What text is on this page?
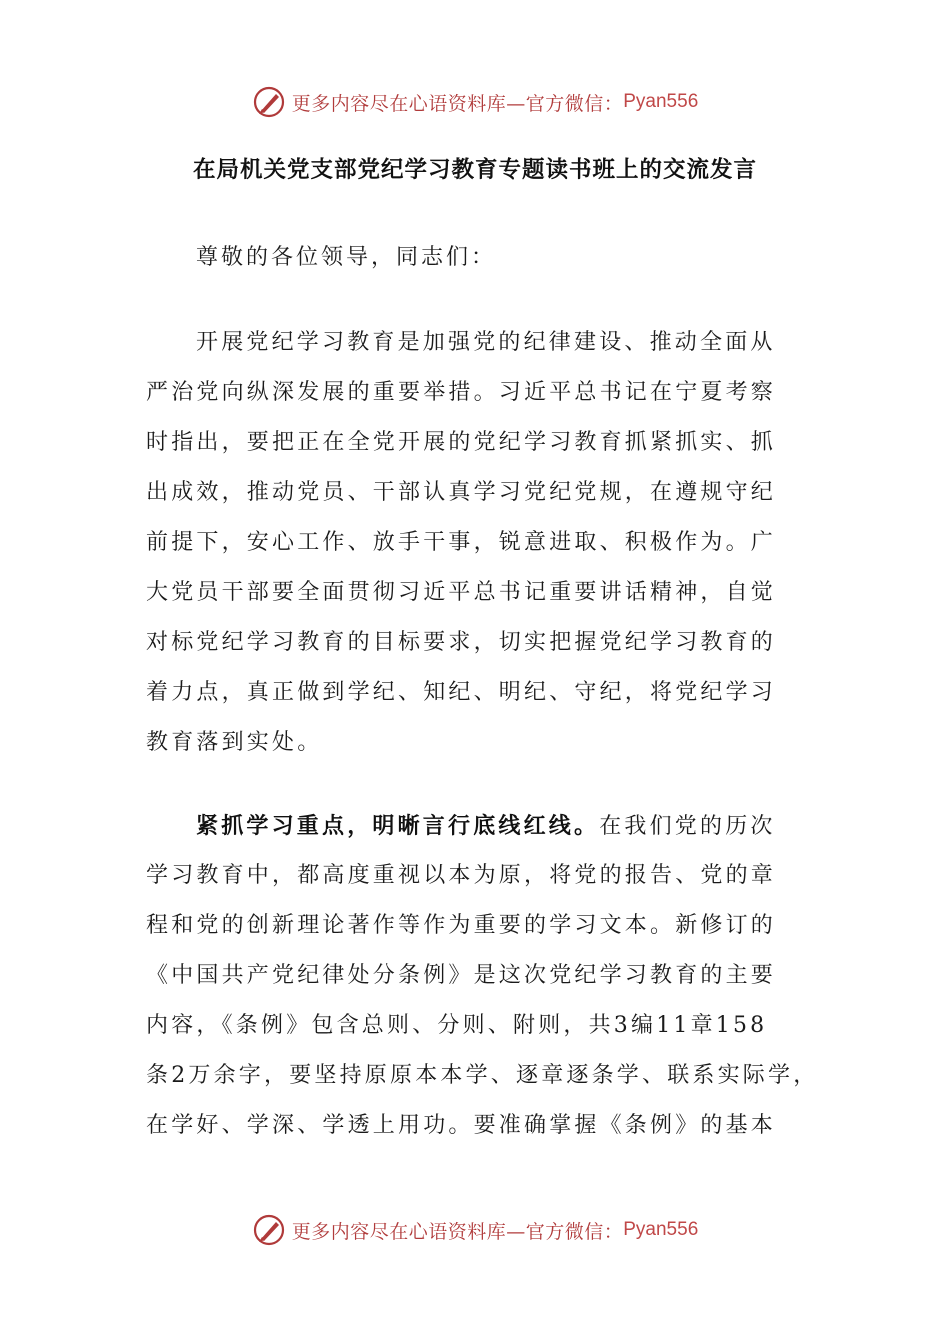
更多内容尽在心语资料库—官方微信： Pyan556
在局机关党支部党纪学习教育专题读书班上的交流发言
尊敬的各位领导，同志们：
开展党纪学习教育是加强党的纪律建设、推动全面从
严治党向纵深发展的重要举措。习近平总书记在宁夏考察
时指出，要把正在全党开展的党纪学习教育抓紧抓实、抓
出成效，推动党员、干部认真学习党纪党规，在遵规守纪
前提下，安心工作、放手干事，锐意进取、积极作为。广
大党员干部要全面贯彻习近平总书记重要讲话精神，自觉
对标党纪学习教育的目标要求，切实把握党纪学习教育的
着力点，真正做到学纪、知纪、明纪、守纪，将党纪学习
教育落到实处。
紧抓学习重点，明晰言行底线红线。在我们党的历次
学习教育中，都高度重视以本为原，将党的报告、党的章
程和党的创新理论著作等作为重要的学习文本。新修订的
《中国共产党纪律处分条例》是这次党纪学习教育的主要
内容，《条例》包含总则、分则、附则，共3编11章158
条2万余字，要坚持原原本本学、逐章逐条学、联系实际学，
在学好、学深、学透上用功。要准确掌握《条例》的基本
更多内容尽在心语资料库—官方微信： Pyan556
